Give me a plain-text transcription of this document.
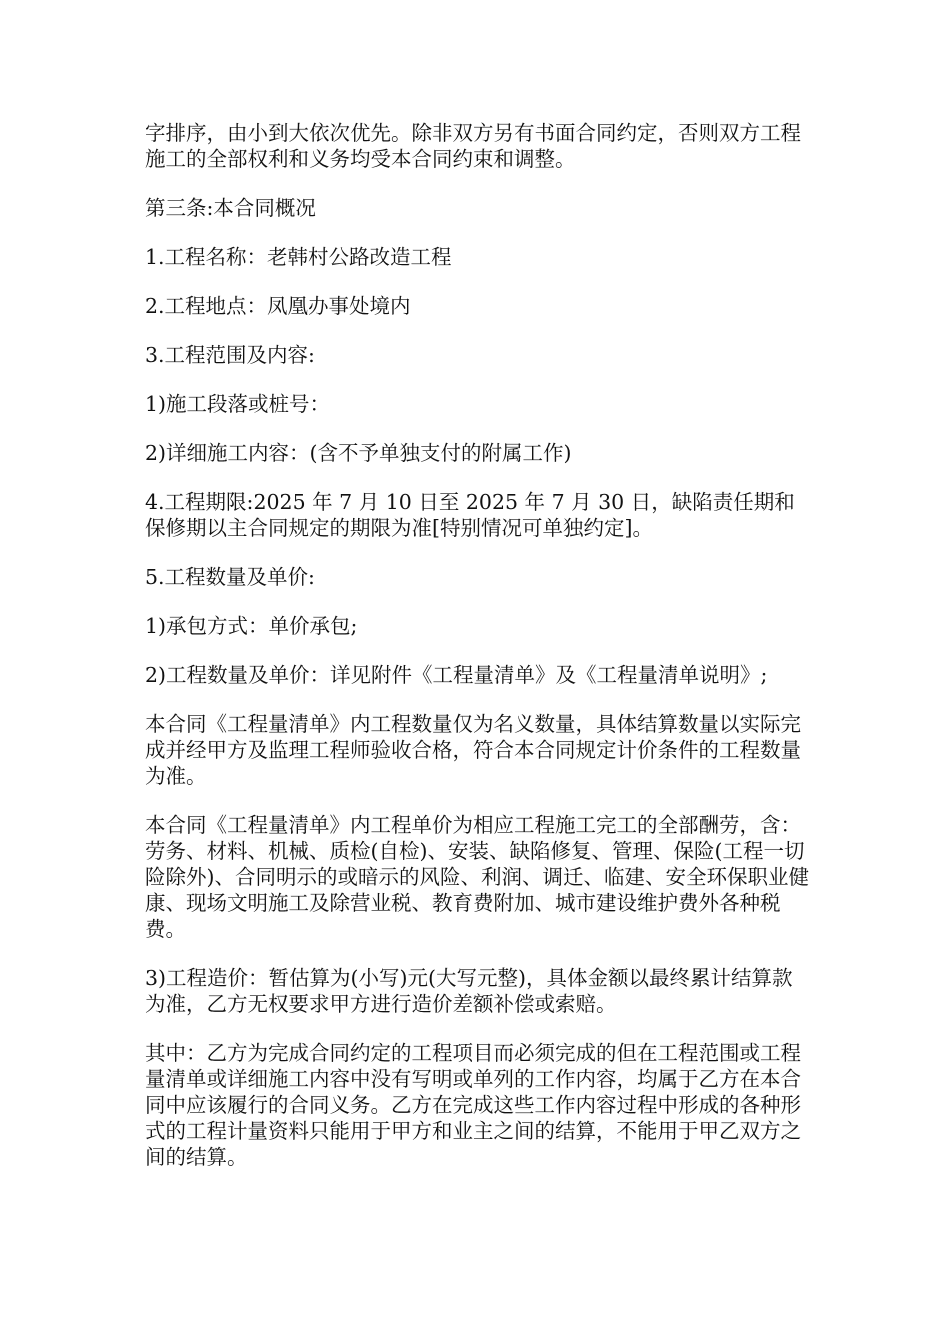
字排序，由小到大依次优先。除非双方另有书面合同约定，否则双方工程施工的全部权利和义务均受本合同约束和调整。

第三条:本合同概况

1.工程名称：老韩村公路改造工程

2.工程地点：凤凰办事处境内

3.工程范围及内容:

1)施工段落或桩号：

2)详细施工内容：(含不予单独支付的附属工作)

4.工程期限:2025 年 7 月 10 日至 2025 年 7 月 30 日，缺陷责任期和保修期以主合同规定的期限为准[特别情况可单独约定]。

5.工程数量及单价:

1)承包方式：单价承包;

2)工程数量及单价：详见附件《工程量清单》及《工程量清单说明》;

本合同《工程量清单》内工程数量仅为名义数量，具体结算数量以实际完成并经甲方及监理工程师验收合格，符合本合同规定计价条件的工程数量为准。

本合同《工程量清单》内工程单价为相应工程施工完工的全部酬劳，含：劳务、材料、机械、质检(自检)、安装、缺陷修复、管理、保险(工程一切险除外)、合同明示的或暗示的风险、利润、调迁、临建、安全环保职业健康、现场文明施工及除营业税、教育费附加、城市建设维护费外各种税费。

3)工程造价：暂估算为(小写)元(大写元整)，具体金额以最终累计结算款为准，乙方无权要求甲方进行造价差额补偿或索赔。

其中：乙方为完成合同约定的工程项目而必须完成的但在工程范围或工程量清单或详细施工内容中没有写明或单列的工作内容，均属于乙方在本合同中应该履行的合同义务。乙方在完成这些工作内容过程中形成的各种形式的工程计量资料只能用于甲方和业主之间的结算，不能用于甲乙双方之间的结算。
